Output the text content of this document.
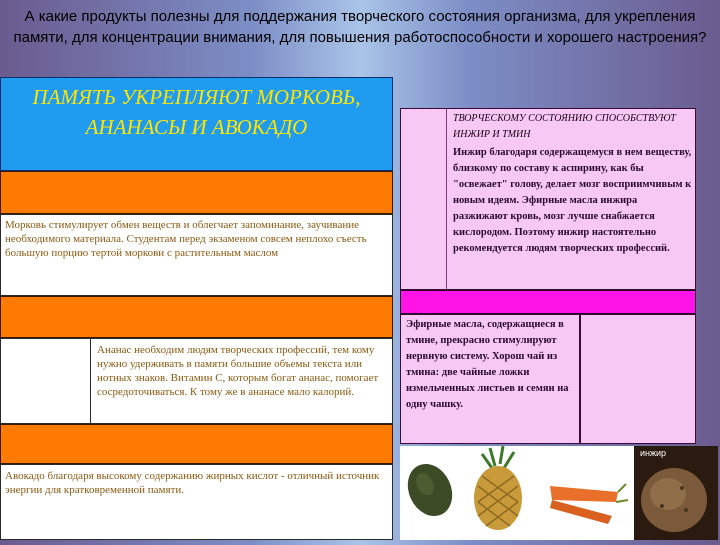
А какие продукты полезны для поддержания творческого состояния организма, для укрепления памяти, для концентрации внимания, для повышения работоспособности и хорошего настроения?
ПАМЯТЬ УКРЕПЛЯЮТ МОРКОВЬ, АНАНАСЫ И АВОКАДО
Морковь стимулирует обмен веществ и облегчает запоминание, заучивание необходимого материала. Студентам перед экзаменом совсем неплохо съесть большую порцию тертой моркови с растительным маслом
Ананас необходим людям творческих профессий, тем кому нужно удерживать в памяти большие объемы текста или нотных знаков. Витамин С, которым богат ананас, помогает сосредоточиваться. К тому же в ананасе мало калорий.
Авокадо благодаря высокому содержанию жирных кислот - отличный источник энергии для кратковременной памяти.
ТВОРЧЕСКОМУ СОСТОЯНИЮ СПОСОБСТВУЮТ ИНЖИР И ТМИН
Инжир благодаря содержащемуся в нем веществу, близкому по составу к аспирину, как бы "освежает" голову, делает мозг восприимчивым к новым идеям. Эфирные масла инжира разжижают кровь, мозг лучше снабжается кислородом. Поэтому инжир настоятельно рекомендуется людям творческих профессий.
Эфирные масла, содержащиеся в тмине, прекрасно стимулируют нервную систему. Хорош чай из тмина: две чайные ложки измельченных листьев и семян на одну чашку.
инжир
